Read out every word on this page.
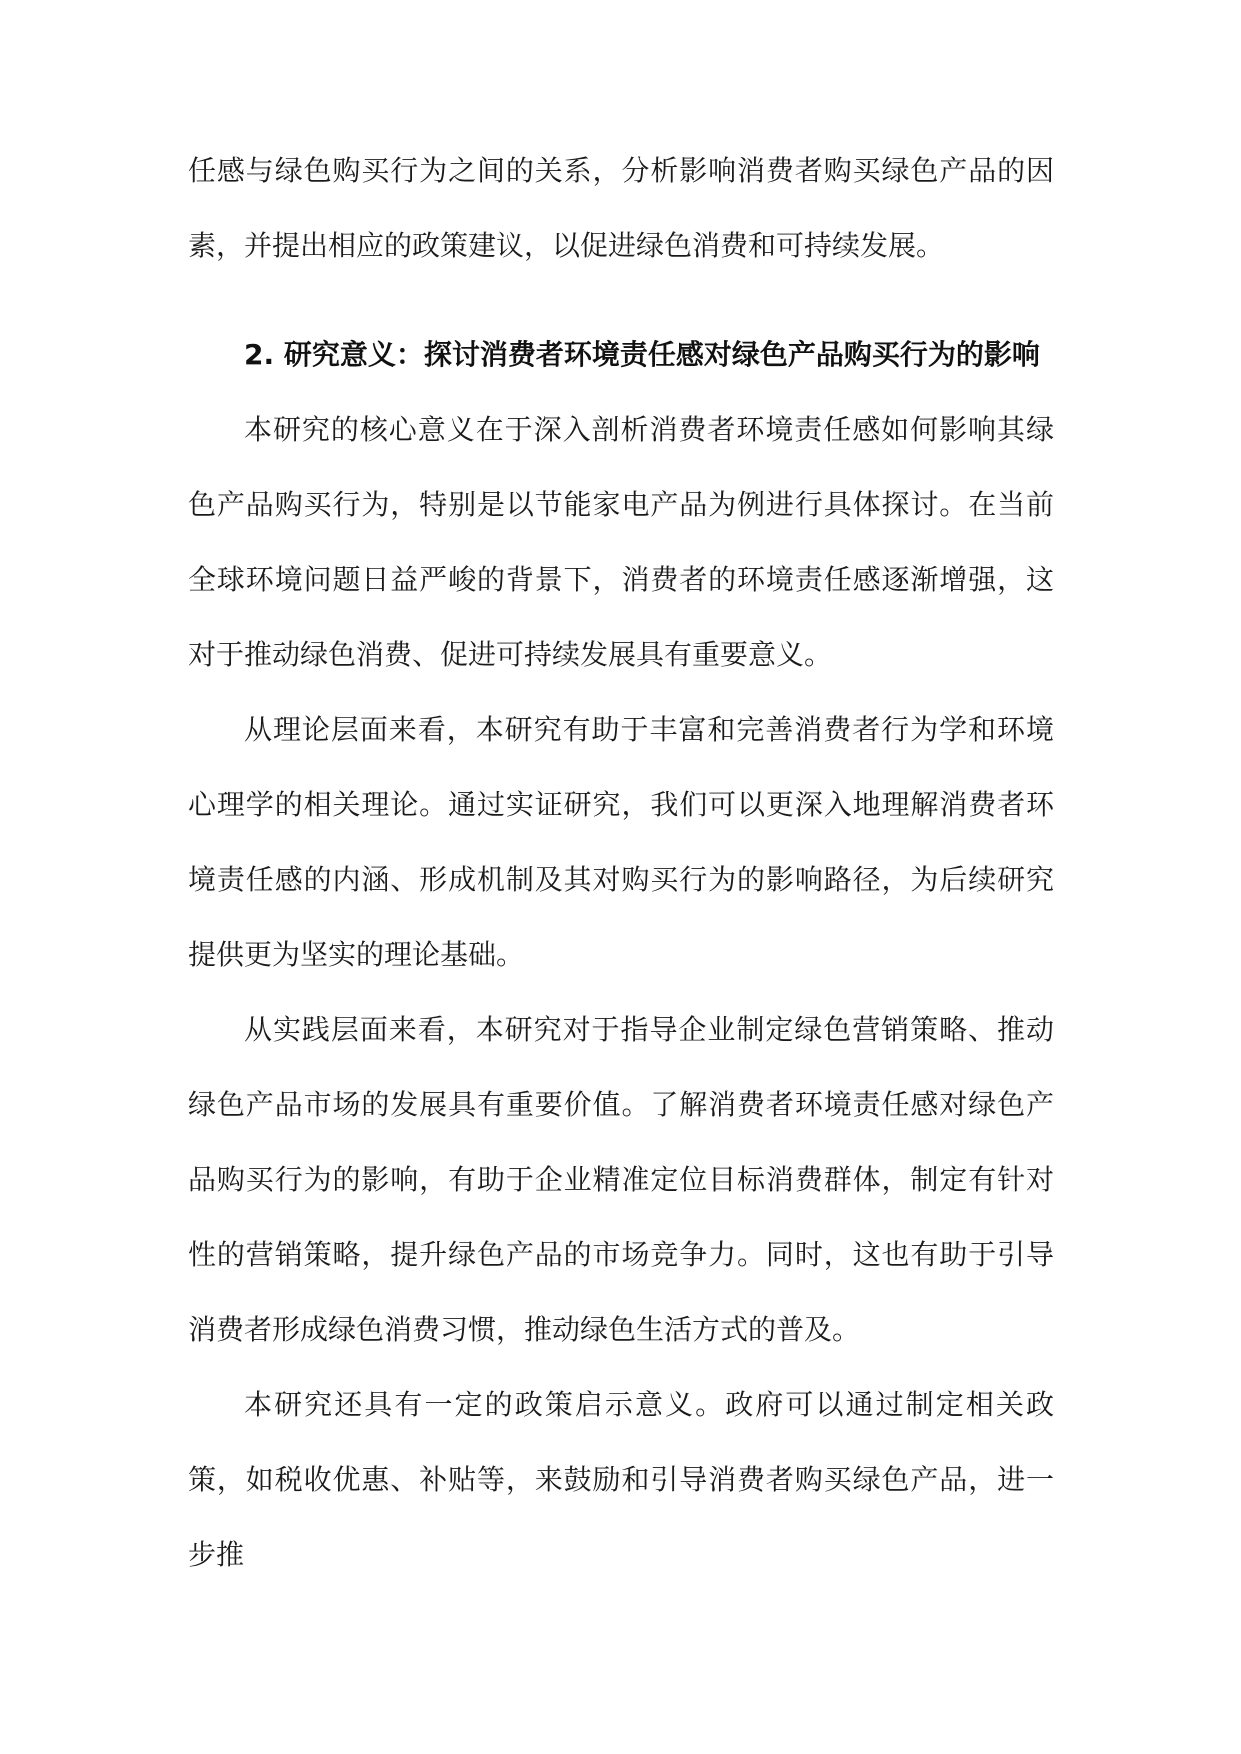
任感与绿色购买行为之间的关系，分析影响消费者购买绿色产品的因素，并提出相应的政策建议，以促进绿色消费和可持续发展。

2. 研究意义：探讨消费者环境责任感对绿色产品购买行为的影响

本研究的核心意义在于深入剖析消费者环境责任感如何影响其绿色产品购买行为，特别是以节能家电产品为例进行具体探讨。在当前全球环境问题日益严峻的背景下，消费者的环境责任感逐渐增强，这对于推动绿色消费、促进可持续发展具有重要意义。

从理论层面来看，本研究有助于丰富和完善消费者行为学和环境心理学的相关理论。通过实证研究，我们可以更深入地理解消费者环境责任感的内涵、形成机制及其对购买行为的影响路径，为后续研究提供更为坚实的理论基础。

从实践层面来看，本研究对于指导企业制定绿色营销策略、推动绿色产品市场的发展具有重要价值。了解消费者环境责任感对绿色产品购买行为的影响，有助于企业精准定位目标消费群体，制定有针对性的营销策略，提升绿色产品的市场竞争力。同时，这也有助于引导消费者形成绿色消费习惯，推动绿色生活方式的普及。

本研究还具有一定的政策启示意义。政府可以通过制定相关政策，如税收优惠、补贴等，来鼓励和引导消费者购买绿色产品，进一步推
